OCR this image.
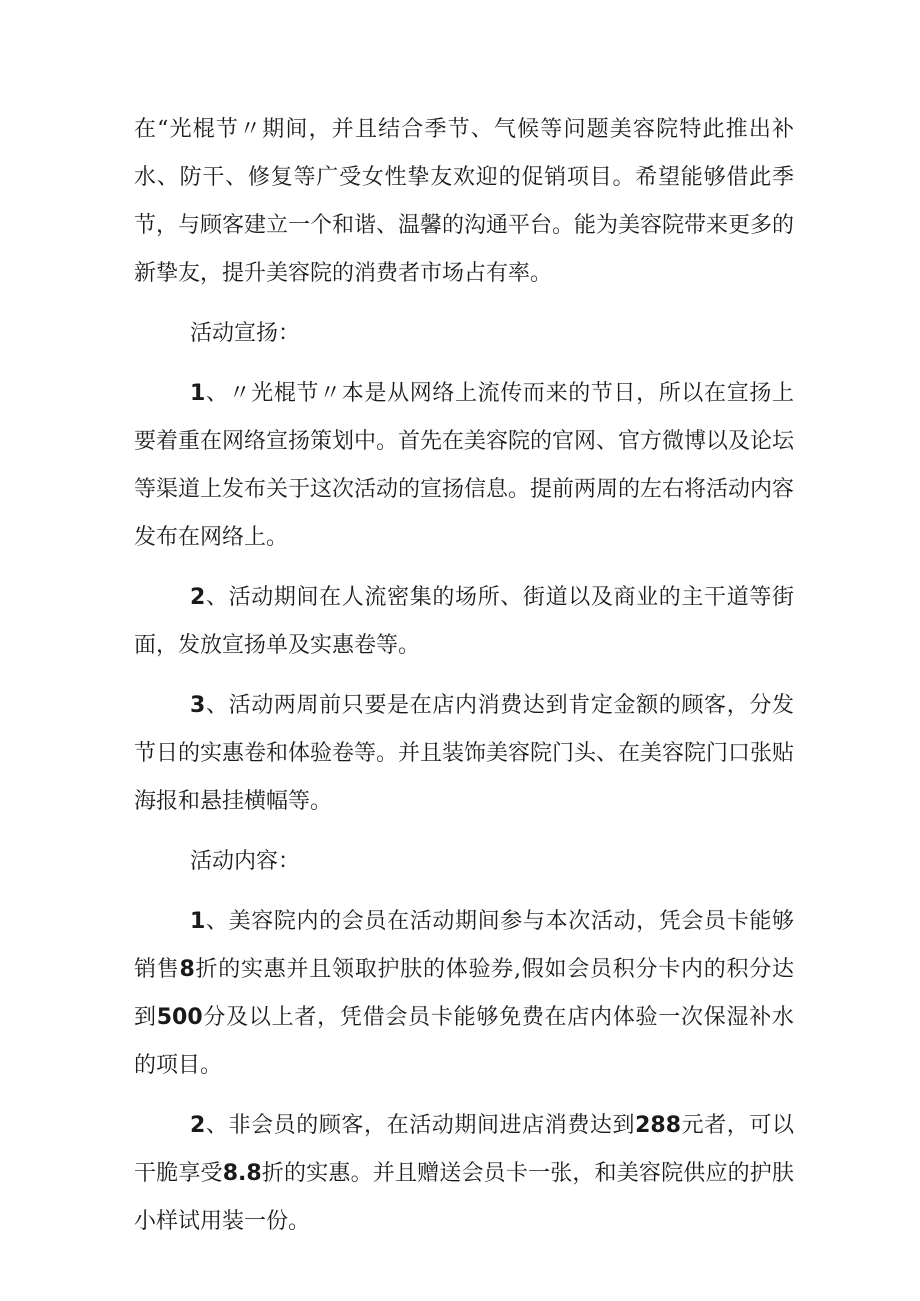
在“光棍节〃期间，并且结合季节、气候等问题美容院特此推出补水、防干、修复等广受女性挚友欢迎的促销项目。希望能够借此季节，与顾客建立一个和谐、温馨的沟通平台。能为美容院带来更多的新挚友，提升美容院的消费者市场占有率。

活动宣扬：

1、〃光棍节〃本是从网络上流传而来的节日，所以在宣扬上要着重在网络宣扬策划中。首先在美容院的官网、官方微博以及论坛等渠道上发布关于这次活动的宣扬信息。提前两周的左右将活动内容发布在网络上。

2、活动期间在人流密集的场所、街道以及商业的主干道等街面，发放宣扬单及实惠卷等。

3、活动两周前只要是在店内消费达到肯定金额的顾客，分发节日的实惠卷和体验卷等。并且装饰美容院门头、在美容院门口张贴海报和悬挂横幅等。

活动内容：

1、美容院内的会员在活动期间参与本次活动，凭会员卡能够销售8折的实惠并且领取护肤的体验券,假如会员积分卡内的积分达到500分及以上者，凭借会员卡能够免费在店内体验一次保湿补水的项目。

2、非会员的顾客，在活动期间进店消费达到288元者，可以干脆享受8.8折的实惠。并且赠送会员卡一张，和美容院供应的护肤小样试用装一份。
